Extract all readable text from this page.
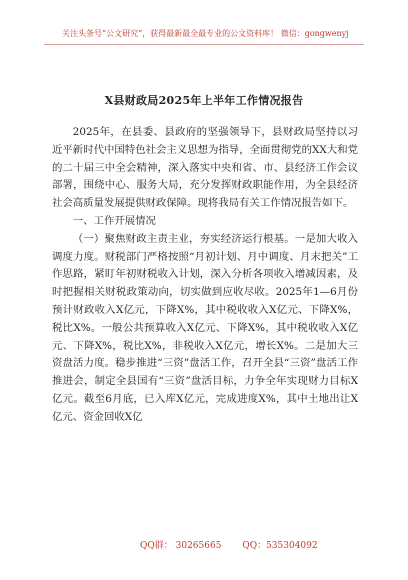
关注头条号“公文研究”，获得最新最全最专业的公文资料库！ 微信：gongwenyj
X县财政局2025年上半年工作情况报告

2025年，在县委、县政府的坚强领导下，县财政局坚持以习近平新时代中国特色社会主义思想为指导，全面贯彻党的XX大和党的二十届三中全会精神，深入落实中央和省、市、县经济工作会议部署，围绕中心、服务大局，充分发挥财政职能作用，为全县经济社会高质量发展提供财政保障。现将我局有关工作情况报告如下。

一、工作开展情况

（一）聚焦财政主责主业，夯实经济运行根基。一是加大收入调度力度。财税部门严格按照“月初计划、月中调度、月末把关”工作思路，紧盯年初财税收入计划，深入分析各项收入增减因素，及时把握相关财税政策动向，切实做到应收尽收。2025年1—6月份预计财政收入X亿元，下降X%，其中税收收入X亿元、下降X%，税比X%。一般公共预算收入X亿元、下降X%，其中税收收入X亿元、下降X%，税比X%，非税收入X亿元，增长X%。二是加大三资盘活力度。稳步推进“三资”盘活工作，召开全县“三资”盘活工作推进会，制定全县国有“三资”盘活目标，力争全年实现财力目标X亿元。截至6月底，已入库X亿元，完成进度X%，其中土地出让X亿元、资金回收X亿

QQ群： 30265665 QQ：535304092
